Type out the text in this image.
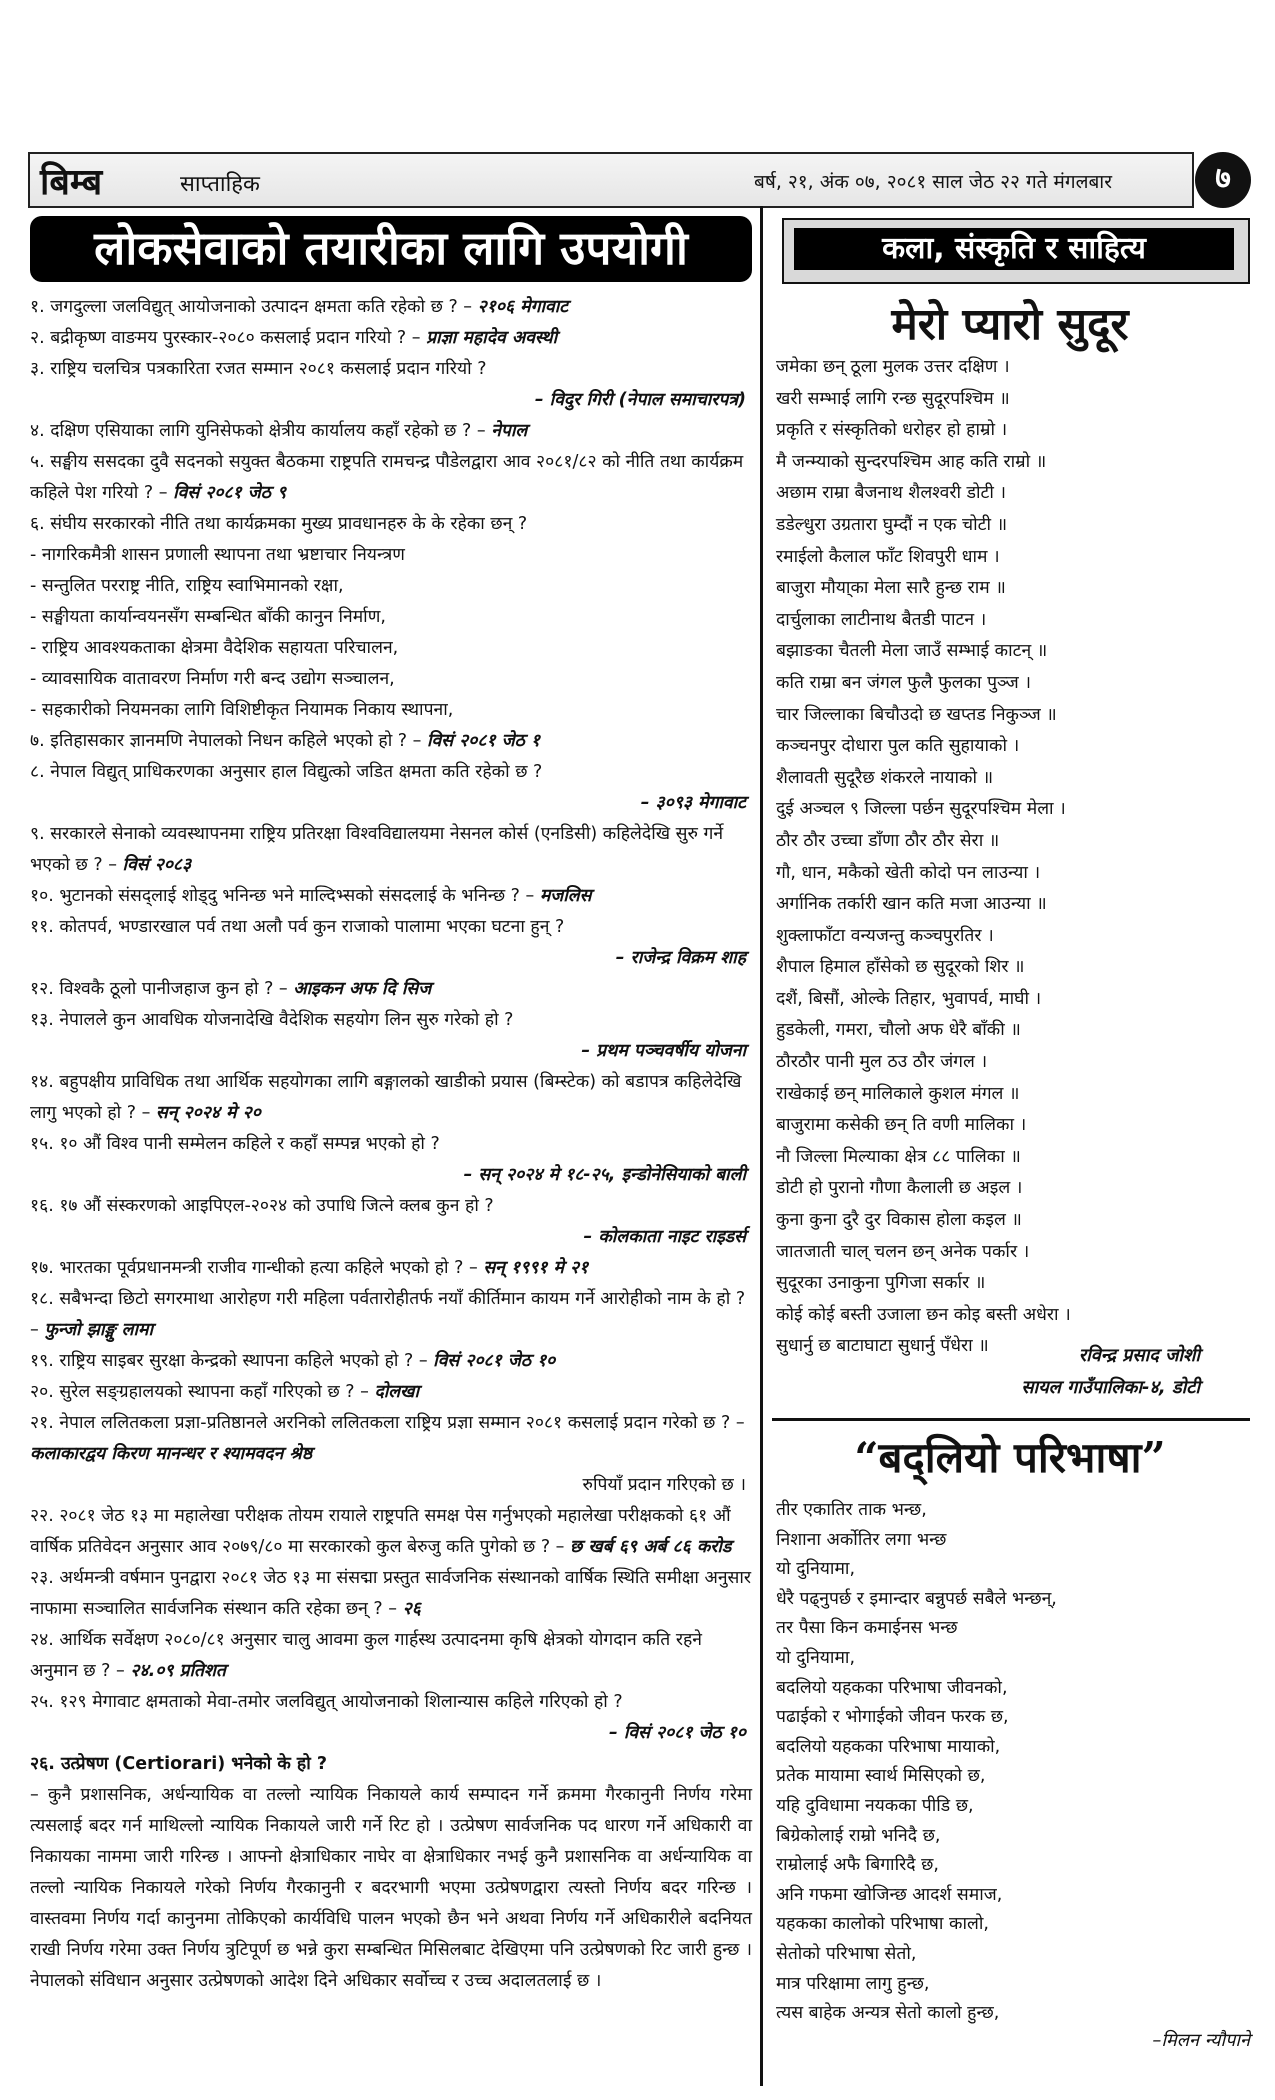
बिम्ब	साप्ताहिक	बर्ष, २१, अंक ०७, २०८१ साल जेठ २२ गते मंगलबार	७
लोकसेवाको तयारीका लागि उपयोगी

१. जगदुल्ला जलविद्युत् आयोजनाको उत्पादन क्षमता कति रहेको छ ? – २१०६ मेगावाट

२. बद्रीकृष्ण वाङमय पुरस्कार-२०८० कसलाई प्रदान गरियो ? – प्राज्ञा महादेव अवस्थी

३. राष्ट्रिय चलचित्र पत्रकारिता रजत सम्मान २०८१ कसलाई प्रदान गरियो ?

– विदुर गिरी (नेपाल समाचारपत्र)

४. दक्षिण एसियाका लागि युनिसेफको क्षेत्रीय कार्यालय कहाँ रहेको छ ? – नेपाल

५. सङ्घीय ससदका दुवै सदनको सयुक्त बैठकमा राष्ट्रपति रामचन्द्र पौडेलद्वारा आव २०८१/८२ को नीति तथा कार्यक्रम कहिले पेश गरियो ? – विसं २०८१ जेठ ९

६. संघीय सरकारको नीति तथा कार्यक्रमका मुख्य प्रावधानहरु के के रहेका छन् ?

- नागरिकमैत्री शासन प्रणाली स्थापना तथा भ्रष्टाचार नियन्त्रण

- सन्तुलित परराष्ट्र नीति, राष्ट्रिय स्वाभिमानको रक्षा,

- सङ्घीयता कार्यान्वयनसँग सम्बन्धित बाँकी कानुन निर्माण,

- राष्ट्रिय आवश्यकताका क्षेत्रमा वैदेशिक सहायता परिचालन,

- व्यावसायिक वातावरण निर्माण गरी बन्द उद्योग सञ्चालन,

- सहकारीको नियमनका लागि विशिष्टीकृत नियामक निकाय स्थापना,

७. इतिहासकार ज्ञानमणि नेपालको निधन कहिले भएको हो ? – विसं २०८१ जेठ १

८. नेपाल विद्युत् प्राधिकरणका अनुसार हाल विद्युत्को जडित क्षमता कति रहेको छ ?

– ३०९३ मेगावाट

९. सरकारले सेनाको व्यवस्थापनमा राष्ट्रिय प्रतिरक्षा विश्वविद्यालयमा नेसनल कोर्स (एनडिसी) कहिलेदेखि सुरु गर्ने भएको छ ? – विसं २०८३

१०. भुटानको संसद्लाई शोड्दु भनिन्छ भने माल्दिभ्सको संसदलाई के भनिन्छ ? – मजलिस

११. कोतपर्व, भण्डारखाल पर्व तथा अलौ पर्व कुन राजाको पालामा भएका घटना हुन् ?

– राजेन्द्र विक्रम शाह

१२. विश्वकै ठूलो पानीजहाज कुन हो ? – आइकन अफ दि सिज

१३. नेपालले कुन आवधिक योजनादेखि वैदेशिक सहयोग लिन सुरु गरेको हो ?

– प्रथम पञ्चवर्षीय योजना

१४. बहुपक्षीय प्राविधिक तथा आर्थिक सहयोगका लागि बङ्गालको खाडीको प्रयास (बिम्स्टेक) को बडापत्र कहिलेदेखि लागु भएको हो ? – सन् २०२४ मे २०

१५. १० औं विश्व पानी सम्मेलन कहिले र कहाँ सम्पन्न भएको हो ?

– सन् २०२४ मे १८-२५, इन्डोनेसियाको बाली

१६. १७ औं संस्करणको आइपिएल-२०२४ को उपाधि जित्ने क्लब कुन हो ?

– कोलकाता नाइट राइडर्स

१७. भारतका पूर्वप्रधानमन्त्री राजीव गान्धीको हत्या कहिले भएको हो ? – सन् १९९१ मे २१

१८. सबैभन्दा छिटो सगरमाथा आरोहण गरी महिला पर्वतारोहीतर्फ नयाँ कीर्तिमान कायम गर्ने आरोहीको नाम के हो ? – फुन्जो झाङ्मु लामा

१९. राष्ट्रिय साइबर सुरक्षा केन्द्रको स्थापना कहिले भएको हो ? – विसं २०८१ जेठ १०

२०. सुरेल सङ्ग्रहालयको स्थापना कहाँ गरिएको छ ? – दोलखा

२१. नेपाल ललितकला प्रज्ञा-प्रतिष्ठानले अरनिको ललितकला राष्ट्रिय प्रज्ञा सम्मान २०८१ कसलाई प्रदान गरेको छ ? – कलाकारद्वय किरण मानन्धर र श्यामवदन श्रेष्ठ

रुपियाँ प्रदान गरिएको छ ।

२२. २०८१ जेठ १३ मा महालेखा परीक्षक तोयम रायाले राष्ट्रपति समक्ष पेस गर्नुभएको महालेखा परीक्षकको ६१ औं वार्षिक प्रतिवेदन अनुसार आव २०७९/८० मा सरकारको कुल बेरुजु कति पुगेको छ ? – छ खर्ब ६९ अर्ब ८६ करोड

२३. अर्थमन्त्री वर्षमान पुनद्वारा २०८१ जेठ १३ मा संसद्मा प्रस्तुत सार्वजनिक संस्थानको वार्षिक स्थिति समीक्षा अनुसार नाफामा सञ्चालित सार्वजनिक संस्थान कति रहेका छन् ? – २६

२४. आर्थिक सर्वेक्षण २०८०/८१ अनुसार चालु आवमा कुल गार्हस्थ उत्पादनमा कृषि क्षेत्रको योगदान कति रहने अनुमान छ ? – २४.०९ प्रतिशत

२५. १२९ मेगावाट क्षमताको मेवा-तमोर जलविद्युत् आयोजनाको शिलान्यास कहिले गरिएको हो ?

– विसं २०८१ जेठ १०

२६. उत्प्रेषण (Certiorari) भनेको के हो ?

– कुनै प्रशासनिक, अर्धन्यायिक वा तल्लो न्यायिक निकायले कार्य सम्पादन गर्ने क्रममा गैरकानुनी निर्णय गरेमा त्यसलाई बदर गर्न माथिल्लो न्यायिक निकायले जारी गर्ने रिट हो । उत्प्रेषण सार्वजनिक पद धारण गर्ने अधिकारी वा निकायका नाममा जारी गरिन्छ । आफ्नो क्षेत्राधिकार नाघेर वा क्षेत्राधिकार नभई कुनै प्रशासनिक वा अर्धन्यायिक वा तल्लो न्यायिक निकायले गरेको निर्णय गैरकानुनी र बदरभागी भएमा उत्प्रेषणद्वारा त्यस्तो निर्णय बदर गरिन्छ । वास्तवमा निर्णय गर्दा कानुनमा तोकिएको कार्यविधि पालन भएको छैन भने अथवा निर्णय गर्ने अधिकारीले बदनियत राखी निर्णय गरेमा उक्त निर्णय त्रुटिपूर्ण छ भन्ने कुरा सम्बन्धित मिसिलबाट देखिएमा पनि उत्प्रेषणको रिट जारी हुन्छ । नेपालको संविधान अनुसार उत्प्रेषणको आदेश दिने अधिकार सर्वोच्च र उच्च अदालतलाई छ ।

कला, संस्कृति र साहित्य
मेरो प्यारो सुदूर

जमेका छन् ठूला मुलक उत्तर दक्षिण ।

खरी सम्भाई लागि रन्छ सुदूरपश्चिम ॥

प्रकृति र संस्कृतिको धरोहर हो हाम्रो ।

मै जन्म्याको सुन्दरपश्चिम आह कति राम्रो ॥

अछाम राम्रा बैजनाथ शैलश्वरी डोटी ।

डडेल्धुरा उग्रतारा घुम्दौं न एक चोटी ॥

रमाईलो कैलाल फाँट शिवपुरी धाम ।

बाजुरा मौया्का मेला सारै हुन्छ राम ॥

दार्चुलाका लाटीनाथ बैतडी पाटन ।

बझाङका चैतली मेला जाउँ सम्भाई काटन् ॥

कति राम्रा बन जंगल फुलै फुलका पुञ्ज ।

चार जिल्लाका बिचौउदो छ खप्तड निकुञ्ज ॥

कञ्चनपुर दोधारा पुल कति सुहायाको ।

शैलावती सुदूरैछ शंकरले नायाको ॥

दुई अञ्चल ९ जिल्ला पर्छन सुदूरपश्चिम मेला ।

ठौर ठौर उच्चा डाँणा ठौर ठौर सेरा ॥

गौ, धान, मकैको खेती कोदो पन लाउन्या ।

अर्गानिक तर्कारी खान कति मजा आउन्या ॥

शुक्लाफाँटा वन्यजन्तु कञ्चपुरतिर ।

शैपाल हिमाल हाँसेको छ सुदूरको शिर ॥

दशैं, बिसौं, ओल्के तिहार, भुवापर्व, माघी ।

हुडकेली, गमरा, चौलो अफ धेरै बाँकी ॥

ठौरठौर पानी मुल ठउ ठौर जंगल ।

राखेकाई छन् मालिकाले कुशल मंगल ॥

बाजुरामा कसेकी छन् ति वणी मालिका ।

नौ जिल्ला मिल्याका क्षेत्र ८८ पालिका ॥

डोटी हो पुरानो गौणा कैलाली छ अइल ।

कुना कुना दुरै दुर विकास होला कइल ॥

जातजाती चाल् चलन छन् अनेक पर्कार ।

सुदूरका उनाकुना पुगिजा सर्कार ॥

कोई कोई बस्ती उजाला छन कोइ बस्ती अधेरा ।

सुधार्नु छ बाटाघाटा सुधार्नु पँधेरा ॥	रविन्द्र प्रसाद जोशी
सायल गाउँपालिका-४, डोटी
“बद्लियो परिभाषा”

तीर एकातिर ताक भन्छ,

निशाना अर्कोतिर लगा भन्छ

यो दुनियामा,

धेरै पढ्नुपर्छ र इमान्दार बन्नुपर्छ सबैले भन्छन्,

तर पैसा किन कमाईनस भन्छ

यो दुनियामा,

बदलियो यहकका परिभाषा जीवनको,

पढाईको र भोगाईको जीवन फरक छ,

बदलियो यहकका परिभाषा मायाको,

प्रतेक मायामा स्वार्थ मिसिएको छ,

यहि दुविधामा नयकका पीडि छ,

बिग्रेकोलाई राम्रो भनिदै छ,

राम्रोलाई अफै बिगारिदै छ,

अनि गफमा खोजिन्छ आदर्श समाज,

यहकका कालोको परिभाषा कालो,

सेतोको परिभाषा सेतो,

मात्र परिक्षामा लागु हुन्छ,

त्यस बाहेक अन्यत्र सेतो कालो हुन्छ,

–मिलन न्यौपाने
